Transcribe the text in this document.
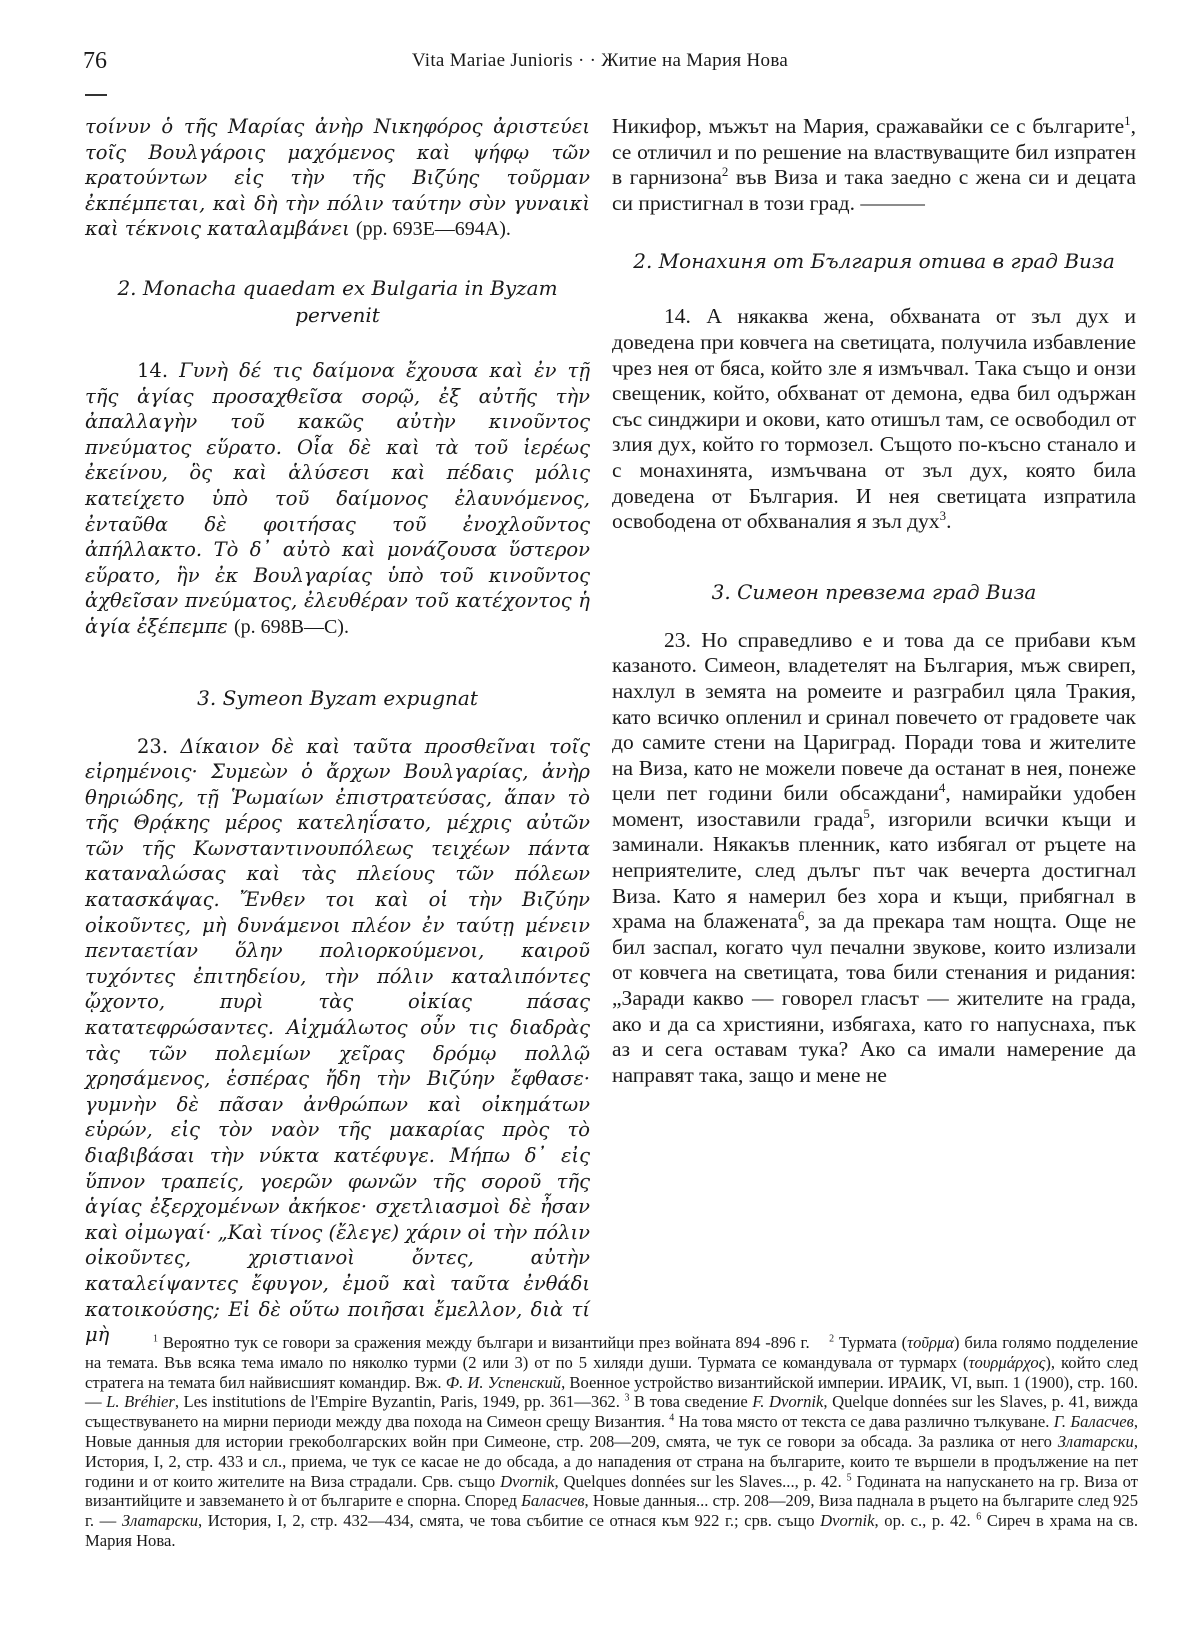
76	Vita Mariae Junioris · · Житие на Мария Нова

τοίνυν ὁ τῆς Μαρίας ἀνὴρ Νικηφόρος ἀριστεύει τοῖς Βουλγάροις μαχόμενος καὶ ψήφῳ τῶν κρατούντων εἰς τὴν τῆς Βιζύης τοῦρμαν ἐκπέμπεται, καὶ δὴ τὴν πόλιν ταύτην σὺν γυναικὶ καὶ τέκνοις καταλαμβάνει (pp. 693E—694A).

2. Monacha quaedam ex Bulgaria in Byzam pervenit

14. Γυνὴ δέ τις δαίμονα ἔχουσα καὶ ἐν τῇ τῆς ἁγίας προσαχθεῖσα σορῷ, ἐξ αὐτῆς τὴν ἀπαλλαγὴν τοῦ κακῶς αὐτὴν κινοῦντος πνεύματος εὕρατο. Οἷα δὲ καὶ τὰ τοῦ ἱερέως ἐκείνου, ὃς καὶ ἁλύσεσι καὶ πέδαις μόλις κατείχετο ὑπὸ τοῦ δαίμονος ἐλαυνόμενος, ἐνταῦθα δὲ φοιτήσας τοῦ ἐνοχλοῦντος ἀπήλλακτο. Τὸ δ᾽ αὐτὸ καὶ μονάζουσα ὕστερον εὕρατο, ἣν ἐκ Βουλγαρίας ὑπὸ τοῦ κινοῦντος ἀχθεῖσαν πνεύματος, ἐλευθέραν τοῦ κατέχοντος ἡ ἁγία ἐξέπεμπε (p. 698B—C).

3. Symeon Byzam expugnat

23. Δίκαιον δὲ καὶ ταῦτα προσθεῖναι τοῖς εἰρημένοις· Συμεὼν ὁ ἄρχων Βουλγαρίας, ἀνὴρ θηριώδης, τῇ Ῥωμαίων ἐπιστρατεύσας, ἅπαν τὸ τῆς Θρᾴκης μέρος κατεληΐσατο, μέχρις αὐτῶν τῶν τῆς Κωνσταντινουπόλεως τειχέων πάντα καταναλώσας καὶ τὰς πλείους τῶν πόλεων κατασκάψας. Ἔνθεν τοι καὶ οἱ τὴν Βιζύην οἰκοῦντες, μὴ δυνάμενοι πλέον ἐν ταύτῃ μένειν πενταετίαν ὅλην πολιορκούμενοι, καιροῦ τυχόντες ἐπιτηδείου, τὴν πόλιν καταλιπόντες ᾤχοντο, πυρὶ τὰς οἰκίας πάσας κατατεφρώσαντες. Αἰχμάλωτος οὖν τις διαδρὰς τὰς τῶν πολεμίων χεῖρας δρόμῳ πολλῷ χρησάμενος, ἑσπέρας ἤδη τὴν Βιζύην ἔφθασε· γυμνὴν δὲ πᾶσαν ἀνθρώπων καὶ οἰκημάτων εὑρών, εἰς τὸν ναὸν τῆς μακαρίας πρὸς τὸ διαβιβάσαι τὴν νύκτα κατέφυγε. Μήπω δ᾽ εἰς ὕπνον τραπείς, γοερῶν φωνῶν τῆς σοροῦ τῆς ἁγίας ἐξερχομένων ἀκήκοε· σχετλιασμοὶ δὲ ἦσαν καὶ οἰμωγαί· „Καὶ τίνος (ἔλεγε) χάριν οἱ τὴν πόλιν οἰκοῦντες, χριστιανοὶ ὄντες, αὐτὴν καταλείψαντες ἔφυγον, ἐμοῦ καὶ ταῦτα ἐνθάδι κατοικούσης; Εἰ δὲ οὕτω ποιῆσαι ἔμελλον, διὰ τί μὴ

Никифор, мъжът на Мария, сражавайки се с българите$^1$, се отличил и по решение на властвуващите бил изпратен в гарнизона$^2$ във Виза и така заедно с жена си и децата си пристигнал в този град. ———

2. Монахиня от България отива в град Виза

14. А някаква жена, обхваната от зъл дух и доведена при ковчега на светицата, получила избавление чрез нея от бяса, който зле я измъчвал. Така също и онзи свещеник, който, обхванат от демона, едва бил одържан със синджири и окови, като отишъл там, се освободил от злия дух, който го тормозел. Същото по-късно станало и с монахинята, измъчвана от зъл дух, която била доведена от България. И нея светицата изпратила освободена от обхваналия я зъл дух$^3$.

3. Симеон превзема град Виза

23. Но справедливо е и това да се прибави към казаното. Симеон, владетелят на България, мъж свиреп, нахлул в земята на ромеите и разграбил цяла Тракия, като всичко опленил и сринал повечето от градовете чак до самите стени на Цариград. Поради това и жителите на Виза, като не можели повече да останат в нея, понеже цели пет години били обсаждани$^4$, намирайки удобен момент, изоставили града$^5$, изгорили всички къщи и заминали. Някакъв пленник, като избягал от ръцете на неприятелите, след дълъг път чак вечерта достигнал Виза. Като я намерил без хора и къщи, прибягнал в храма на блажената$^6$, за да прекара там нощта. Още не бил заспал, когато чул печални звукове, които излизали от ковчега на светицата, това били стенания и ридания: „Заради какво — говорел гласът — жителите на града, ако и да са християни, избягаха, като го напуснаха, пък аз и сега оставам тука? Ако са имали намерение да направят така, защо и мене не

$^1$ Вероятно тук се говори за сражения между българи и византийци през войната 894 -896 г. $^2$ Турмата (τοῦρμα) била голямо подделение на темата. Във всяка тема имало по няколко турми (2 или 3) от по 5 хиляди души. Турмата се командувала от турмарх (τουρμάρχος), който след стратега на темата бил найвисшият командир. Вж. Ф. И. Успенский, Военное устройство византийской империи. ИРАИК, VI, вып. 1 (1900), стр. 160. — L. Bréhier, Les institutions de l'Empire Byzantin, Paris, 1949, pp. 361—362. $^3$ В това сведение F. Dvornik, Quelque données sur les Slaves, p. 41, вижда съществуването на мирни периоди между два похода на Симеон срещу Византия. $^4$ На това място от текста се дава различно тълкуване. Г. Баласчев, Новые данныя для истории грекоболгарских войн при Симеоне, стр. 208—209, смята, че тук се говори за обсада. За разлика от него Златарски, История, I, 2, стр. 433 и сл., приема, че тук се касае не до обсада, а до нападения от страна на българите, които те вършели в продължение на пет години и от които жителите на Виза страдали. Срв. също Dvornik, Quelques données sur les Slaves..., p. 42. $^5$ Годината на напускането на гр. Виза от византийците и завземането ѝ от българите е спорна. Според Баласчев, Новые данныя... стр. 208—209, Виза паднала в ръцето на българите след 925 г. — Златарски, История, I, 2, стр. 432—434, смята, че това събитие се отнася към 922 г.; срв. също Dvornik, op. c., p. 42. $^6$ Сиреч в храма на св. Мария Нова.
